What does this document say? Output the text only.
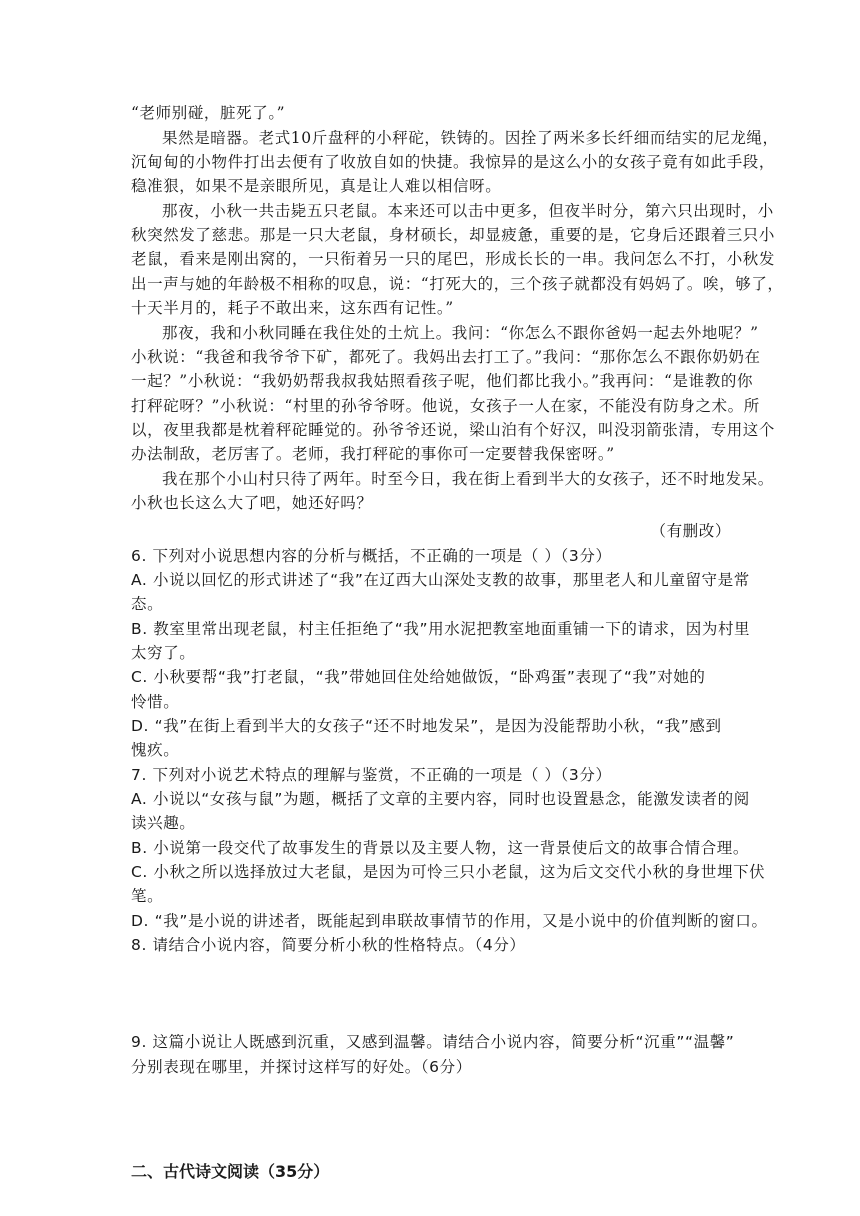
“老师别碰，脏死了。”
果然是暗器。老式10斤盘秤的小秤砣，铁铸的。因拴了两米多长纤细而结实的尼龙绳，
沉甸甸的小物件打出去便有了收放自如的快捷。我惊异的是这么小的女孩子竟有如此手段，
稳准狠，如果不是亲眼所见，真是让人难以相信呀。
那夜，小秋一共击毙五只老鼠。本来还可以击中更多，但夜半时分，第六只出现时，小
秋突然发了慈悲。那是一只大老鼠，身材硕长，却显疲惫，重要的是，它身后还跟着三只小
老鼠，看来是刚出窝的，一只衔着另一只的尾巴，形成长长的一串。我问怎么不打，小秋发
出一声与她的年龄极不相称的叹息，说：“打死大的，三个孩子就都没有妈妈了。唉，够了，
十天半月的，耗子不敢出来，这东西有记性。”
那夜，我和小秋同睡在我住处的土炕上。我问：“你怎么不跟你爸妈一起去外地呢？”
小秋说：“我爸和我爷爷下矿，都死了。我妈出去打工了。”我问：“那你怎么不跟你奶奶在
一起？”小秋说：“我奶奶帮我叔我姑照看孩子呢，他们都比我小。”我再问：“是谁教的你
打秤砣呀？”小秋说：“村里的孙爷爷呀。他说，女孩子一人在家，不能没有防身之术。所
以，夜里我都是枕着秤砣睡觉的。孙爷爷还说，梁山泊有个好汉，叫没羽箭张清，专用这个
办法制敌，老厉害了。老师，我打秤砣的事你可一定要替我保密呀。”
我在那个小山村只待了两年。时至今日，我在街上看到半大的女孩子，还不时地发呆。
小秋也长这么大了吧，她还好吗？
（有删改）
6. 下列对小说思想内容的分析与概括，不正确的一项是（ ）（3分）
A. 小说以回忆的形式讲述了“我”在辽西大山深处支教的故事，那里老人和儿童留守是常
态。
B. 教室里常出现老鼠，村主任拒绝了“我”用水泥把教室地面重铺一下的请求，因为村里
太穷了。
C. 小秋要帮“我”打老鼠，“我”带她回住处给她做饭，“卧鸡蛋”表现了“我”对她的
怜惜。
D. “我”在街上看到半大的女孩子“还不时地发呆”，是因为没能帮助小秋，“我”感到
愧疚。
7. 下列对小说艺术特点的理解与鉴赏，不正确的一项是（ ）（3分）
A. 小说以“女孩与鼠”为题，概括了文章的主要内容，同时也设置悬念，能激发读者的阅
读兴趣。
B. 小说第一段交代了故事发生的背景以及主要人物，这一背景使后文的故事合情合理。
C. 小秋之所以选择放过大老鼠，是因为可怜三只小老鼠，这为后文交代小秋的身世埋下伏
笔。
D. “我”是小说的讲述者，既能起到串联故事情节的作用，又是小说中的价值判断的窗口。
8. 请结合小说内容，简要分析小秋的性格特点。（4分）
9. 这篇小说让人既感到沉重，又感到温馨。请结合小说内容，简要分析“沉重”“温馨”
分别表现在哪里，并探讨这样写的好处。（6分）
二、古代诗文阅读（35分）
